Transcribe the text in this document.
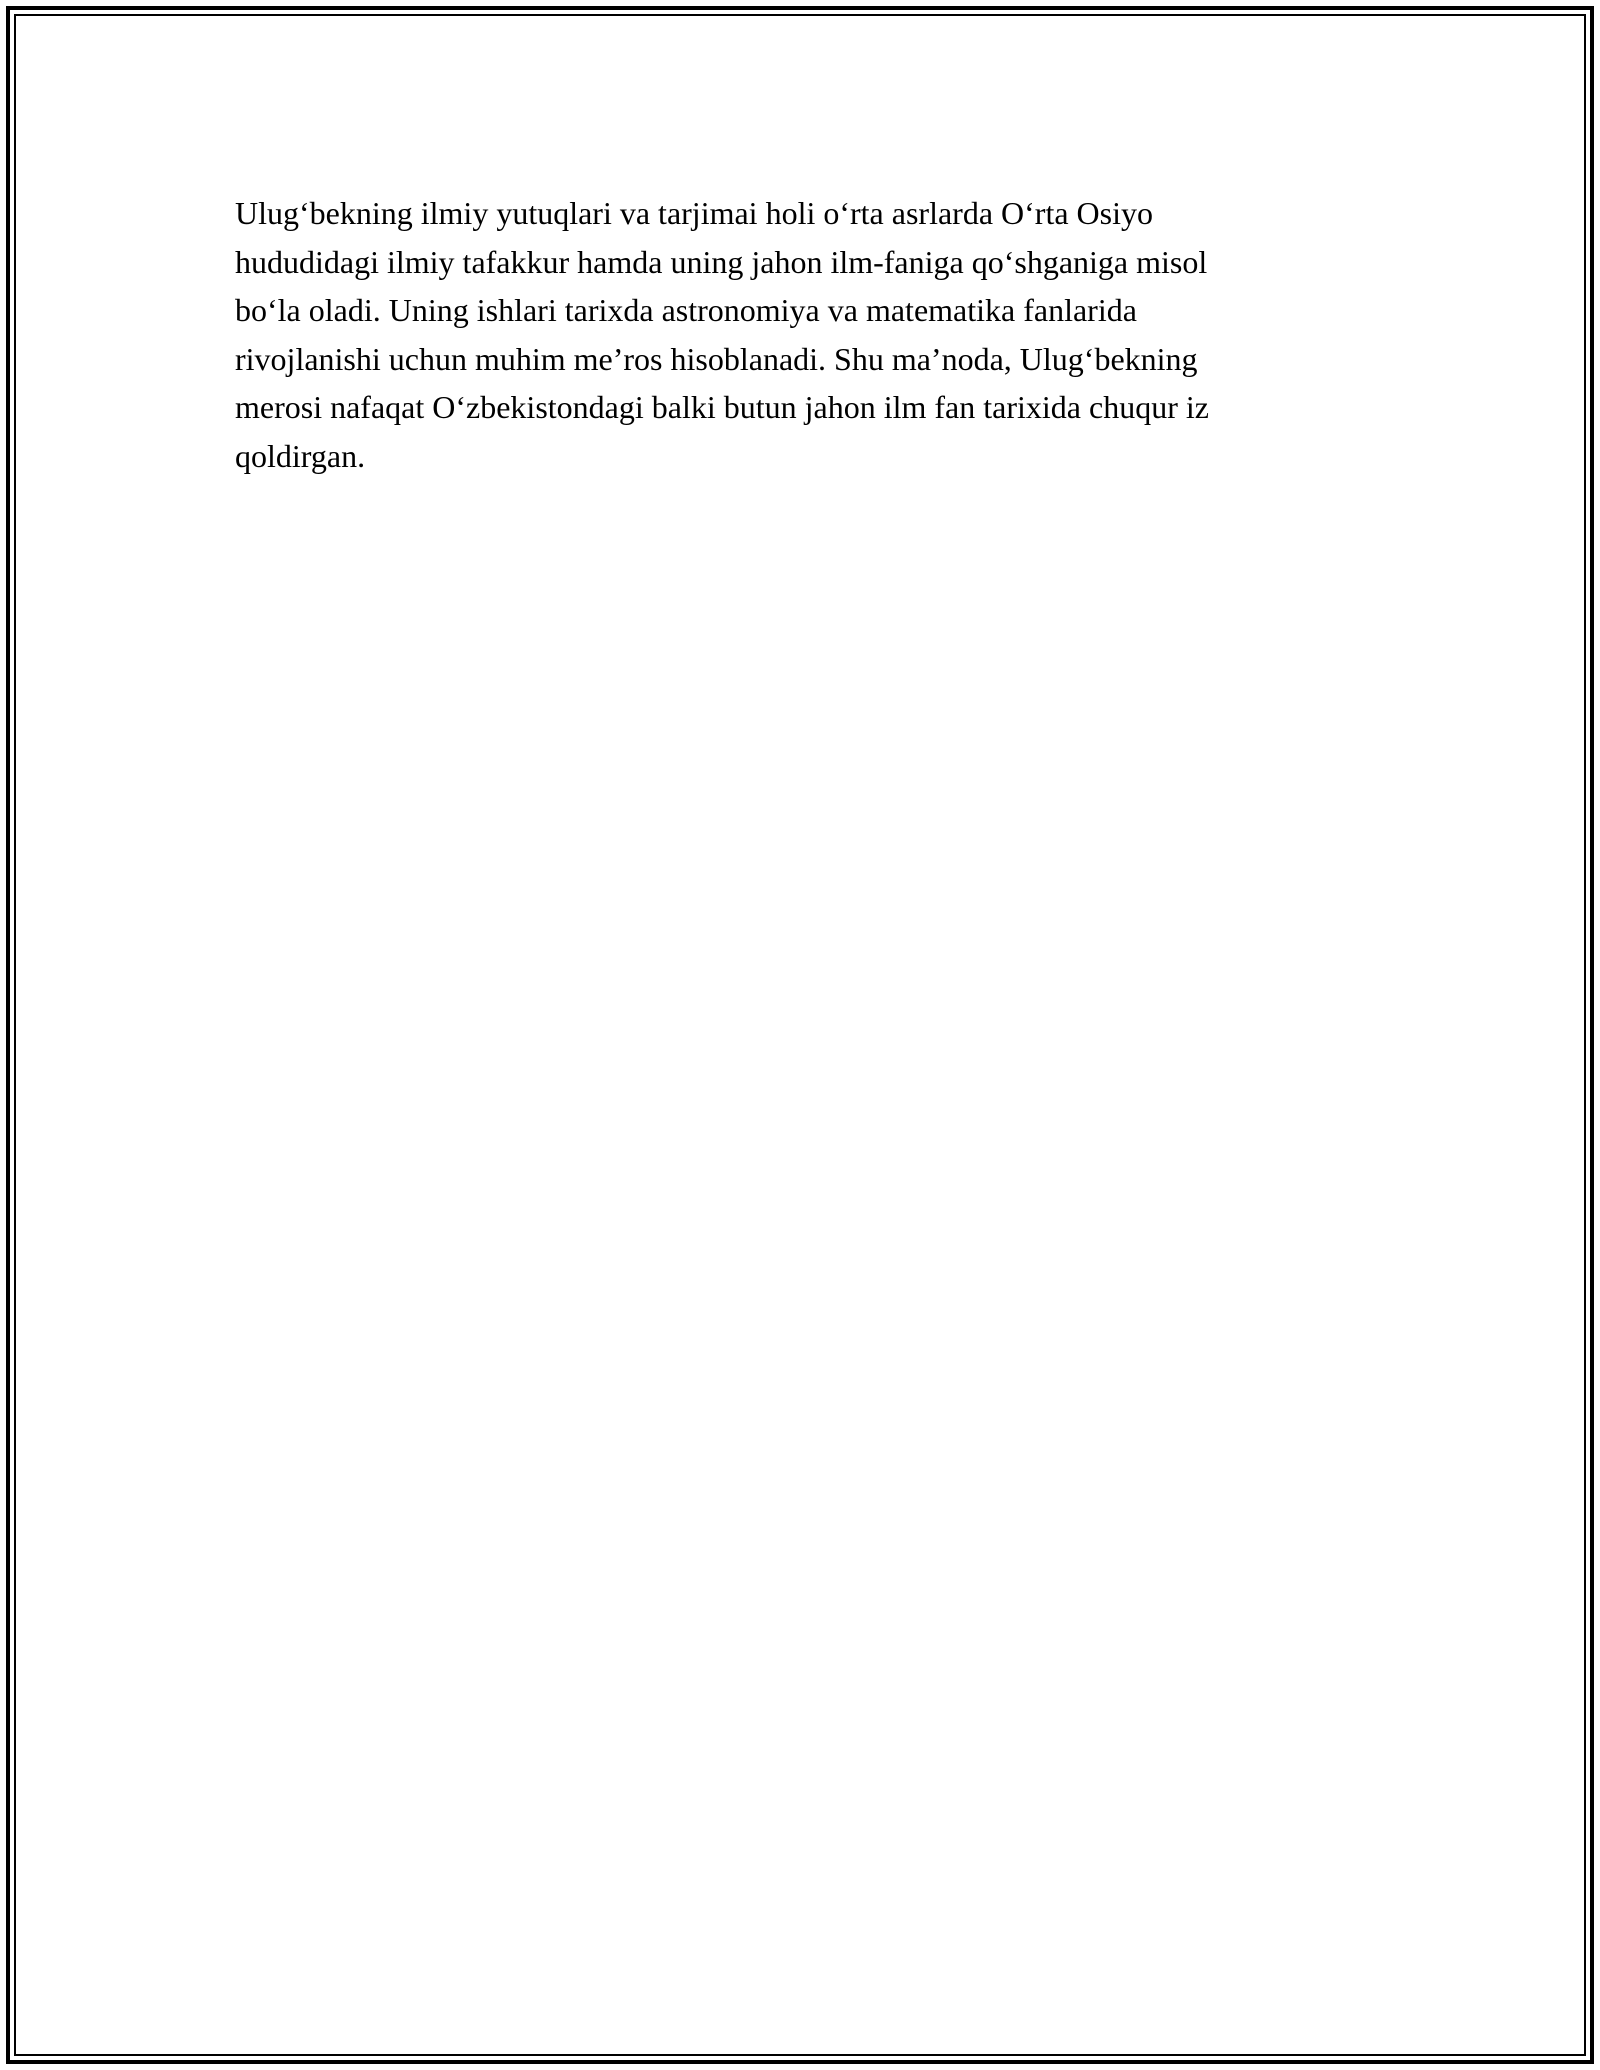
Ulug‘bekning ilmiy yutuqlari va tarjimai holi o‘rta asrlarda O‘rta Osiyo
hududidagi ilmiy tafakkur hamda uning jahon ilm-faniga qo‘shganiga misol
bo‘la oladi. Uning ishlari tarixda astronomiya va matematika fanlarida
rivojlanishi uchun muhim me’ros hisoblanadi. Shu ma’noda, Ulug‘bekning
merosi nafaqat O‘zbekistondagi balki butun jahon ilm fan tarixida chuqur iz
qoldirgan.
